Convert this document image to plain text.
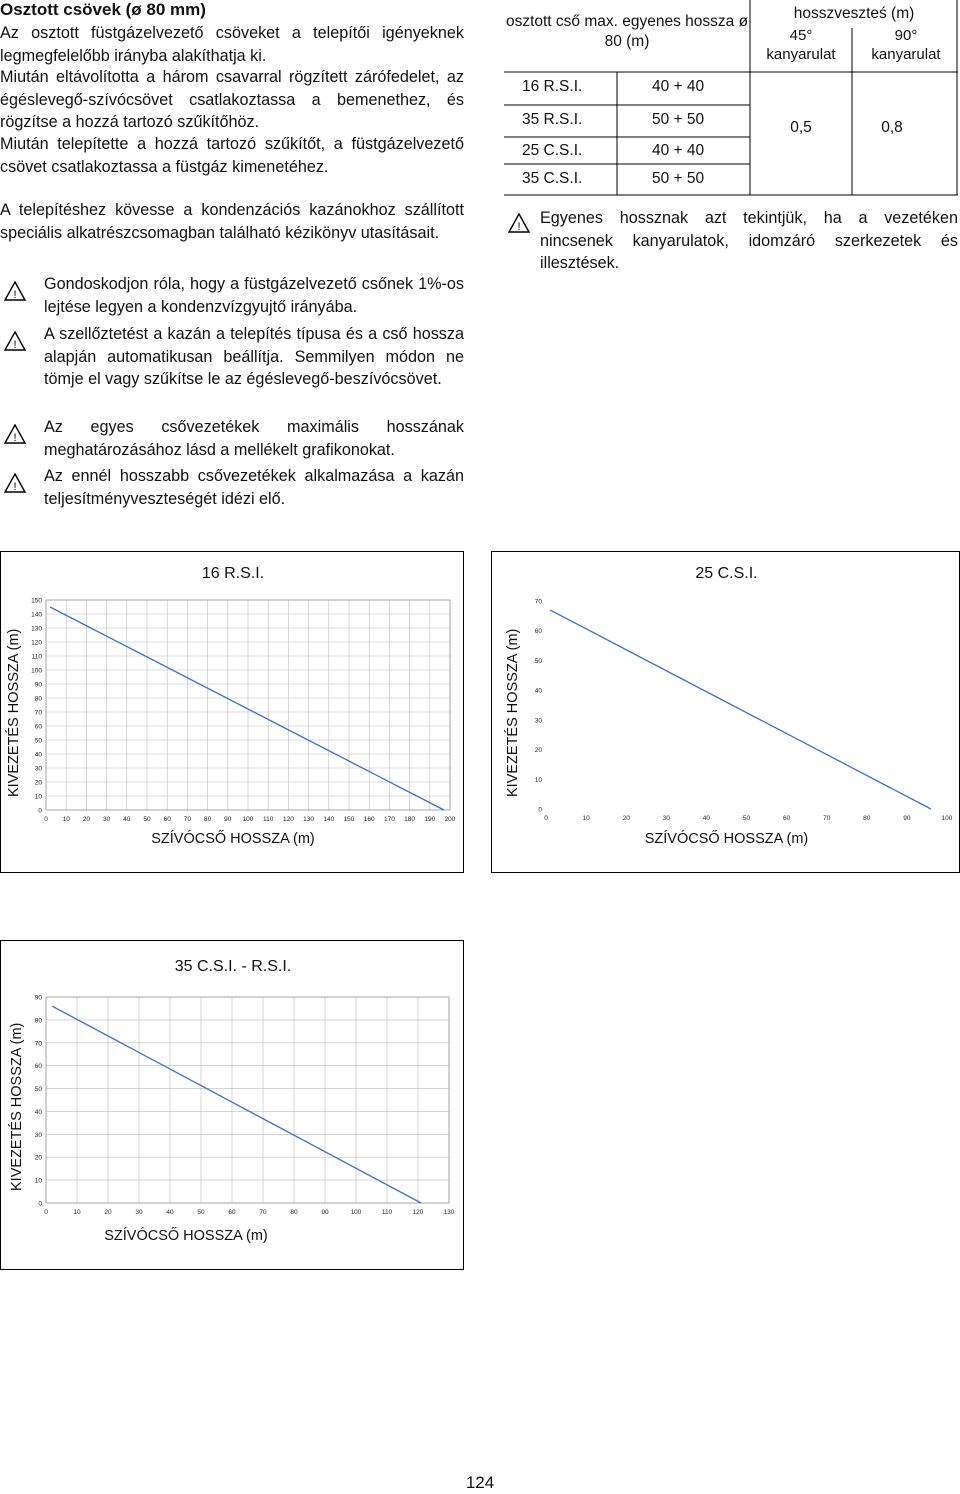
Osztott csövek (ø 80 mm)
Az osztott füstgázelvezető csöveket a telepítői igényeknek legmegfelelőbb irányba alakíthatja ki.
Miután eltávolította a három csavarral rögzített zárófedelet, az égéslevegő-szívócsövet csatlakoztassa a bemenethez, és rögzítse a hozzá tartozó szűkítőhöz.
Miután telepítette a hozzá tartozó szűkítőt, a füstgázelvezető csövet csatlakoztassa a füstgáz kimenetéhez.
A telepítéshez kövesse a kondenzációs kazánokhoz szállított speciális alkatrészcsomagban található kézikönyv utasításait.
!
Gondoskodjon róla, hogy a füstgázelvezető csőnek 1%-os lejtése legyen a kondenzvízgyujtő irányába.
!
A szellőztetést a kazán a telepítés típusa és a cső hossza alapján automatikusan beállítja. Semmilyen módon ne tömje el vagy szűkítse le az égéslevegő-beszívócsövet.
!
Az egyes csővezetékek maximális hosszának meghatározásához lásd a mellékelt grafikonokat.
!
Az ennél hosszabb csővezetékek alkalmazása a kazán teljesítményveszteségét idézi elő.
osztott cső max. egyenes hossza ø 80 (m)
hosszveszteś (m)
45° kanyarulat
90° kanyarulat
16 R.S.I.	40 + 40
35 R.S.I.	50 + 50
25 C.S.I.	40 + 40
35 C.S.I.	50 + 50
0,5	0,8
! Egyenes hossznak azt tekintjük, ha a vezetéken nincsenek kanyarulatok, idomzáró szerkezetek és illesztések.
16 R.S.I.
KIVEZETÉS HOSSZA (m)
SZÍVÓCSŐ HOSSZA (m)
0
10
20
30
40
50
60
70
80
90
100
110
120
130
140
150
0 10 20 30 40 50 60 70 80 90 100 110 120 130 140 150 160 170 180 190 200
25 C.S.I.
KIVEZETÉS HOSSZA (m)
SZÍVÓCSŐ HOSSZA (m)
0
10
20
30
40
50
60
70
0	10	20	30	40	50	60	70	80	90	100
35 C.S.I. - R.S.I.
KIVEZETÉS HOSSZA (m)
SZÍVÓCSŐ HOSSZA (m)
0
10
20
30
40
50
60
70
80
90
0	10	20	30	40	50	60	70	80	90	100	110	120	130
124
